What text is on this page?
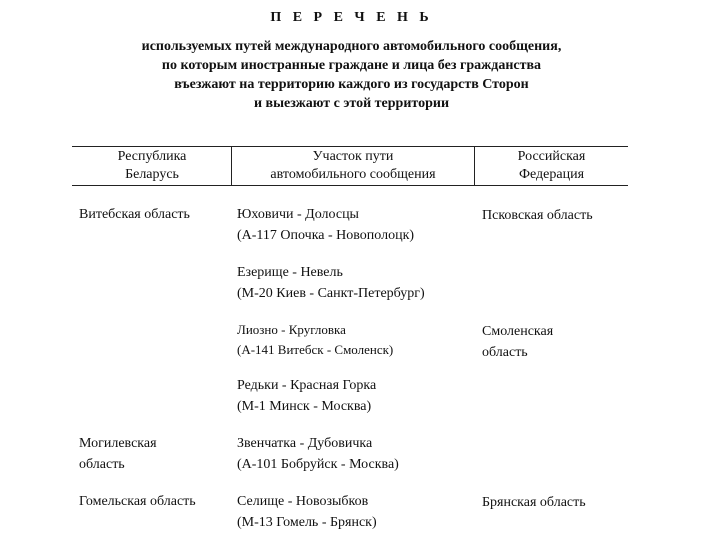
П Е Р Е Ч Е Н Ь
используемых путей международного автомобильного сообщения,
по которым иностранные граждане и лица без гражданства
въезжают на территорию каждого из государств Сторон
и выезжают с этой территории
Республика
Беларусь
Участок пути
автомобильного сообщения
Российская
Федерация
Витебская область	Юховичи - Долосцы
(А-117 Опочка - Новополоцк)
Псковская область
Езерище - Невель
(М-20 Киев - Санкт-Петербург)
Лиозно - Кругловка
(А-141 Витебск - Смоленск)
Смоленская
область
Редьки - Красная Горка
(М-1 Минск - Москва)
Могилевская
область
Звенчатка - Дубовичка
(А-101 Бобруйск - Москва)
Гомельская область	Селище - Новозыбков
(М-13 Гомель - Брянск)
Брянская область
